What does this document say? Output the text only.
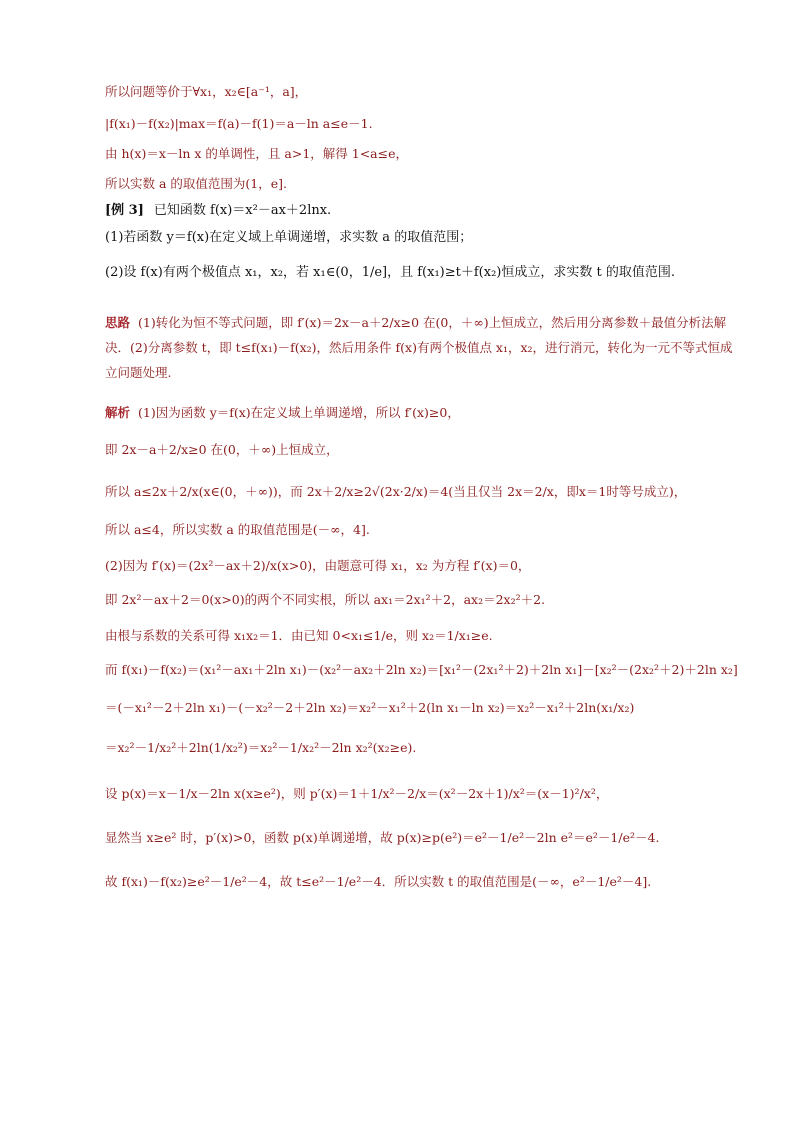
所以问题等价于∀x₁，x₂∈[a⁻¹，a]，
|f(x₁)－f(x₂)|max＝f(a)－f(1)＝a－ln a≤e－1.
由 h(x)＝x－ln x 的单调性，且 a>1，解得 1<a≤e，
所以实数 a 的取值范围为(1，e].
[例 3] 已知函数 f(x)＝x²－ax＋2lnx.
(1)若函数 y＝f(x)在定义域上单调递增，求实数 a 的取值范围；
(2)设 f(x)有两个极值点 x₁，x₂，若 x₁∈(0，1/e]，且 f(x₁)≥t＋f(x₂)恒成立，求实数 t 的取值范围.
思路 (1)转化为恒不等式问题，即 f′(x)＝2x－a＋2/x≥0 在(0，＋∞)上恒成立，然后用分离参数＋最值分析法解决．(2)分离参数 t，即 t≤f(x₁)－f(x₂)，然后用条件 f(x)有两个极值点 x₁，x₂，进行消元，转化为一元不等式恒成立问题处理.
解析 (1)因为函数 y＝f(x)在定义域上单调递增，所以 f′(x)≥0，
即 2x－a＋2/x≥0 在(0，＋∞)上恒成立，
所以 a≤2x＋2/x(x∈(0，＋∞))，而 2x＋2/x≥2√(2x·2/x)＝4(当且仅当 2x＝2/x，即x＝1时等号成立)，
所以 a≤4，所以实数 a 的取值范围是(－∞，4].
(2)因为 f′(x)＝(2x²－ax＋2)/x(x>0)，由题意可得 x₁，x₂ 为方程 f′(x)＝0，
即 2x²－ax＋2＝0(x>0)的两个不同实根，所以 ax₁＝2x₁²＋2，ax₂＝2x₂²＋2.
由根与系数的关系可得 x₁x₂＝1．由已知 0<x₁≤1/e，则 x₂＝1/x₁≥e.
而 f(x₁)－f(x₂)＝(x₁²－ax₁＋2ln x₁)－(x₂²－ax₂＋2ln x₂)＝[x₁²－(2x₁²＋2)＋2ln x₁]－[x₂²－(2x₂²＋2)＋2ln x₂]
＝(－x₁²－2＋2ln x₁)－(－x₂²－2＋2ln x₂)＝x₂²－x₁²＋2(ln x₁－ln x₂)＝x₂²－x₁²＋2ln(x₁/x₂)
＝x₂²－1/x₂²＋2ln(1/x₂²)＝x₂²－1/x₂²－2ln x₂²(x₂≥e).
设 p(x)＝x－1/x－2ln x(x≥e²)，则 p′(x)＝1＋1/x²－2/x＝(x²－2x＋1)/x²＝(x－1)²/x²，
显然当 x≥e² 时，p′(x)>0，函数 p(x)单调递增，故 p(x)≥p(e²)＝e²－1/e²－2ln e²＝e²－1/e²－4.
故 f(x₁)－f(x₂)≥e²－1/e²－4，故 t≤e²－1/e²－4．所以实数 t 的取值范围是(－∞，e²－1/e²－4].
